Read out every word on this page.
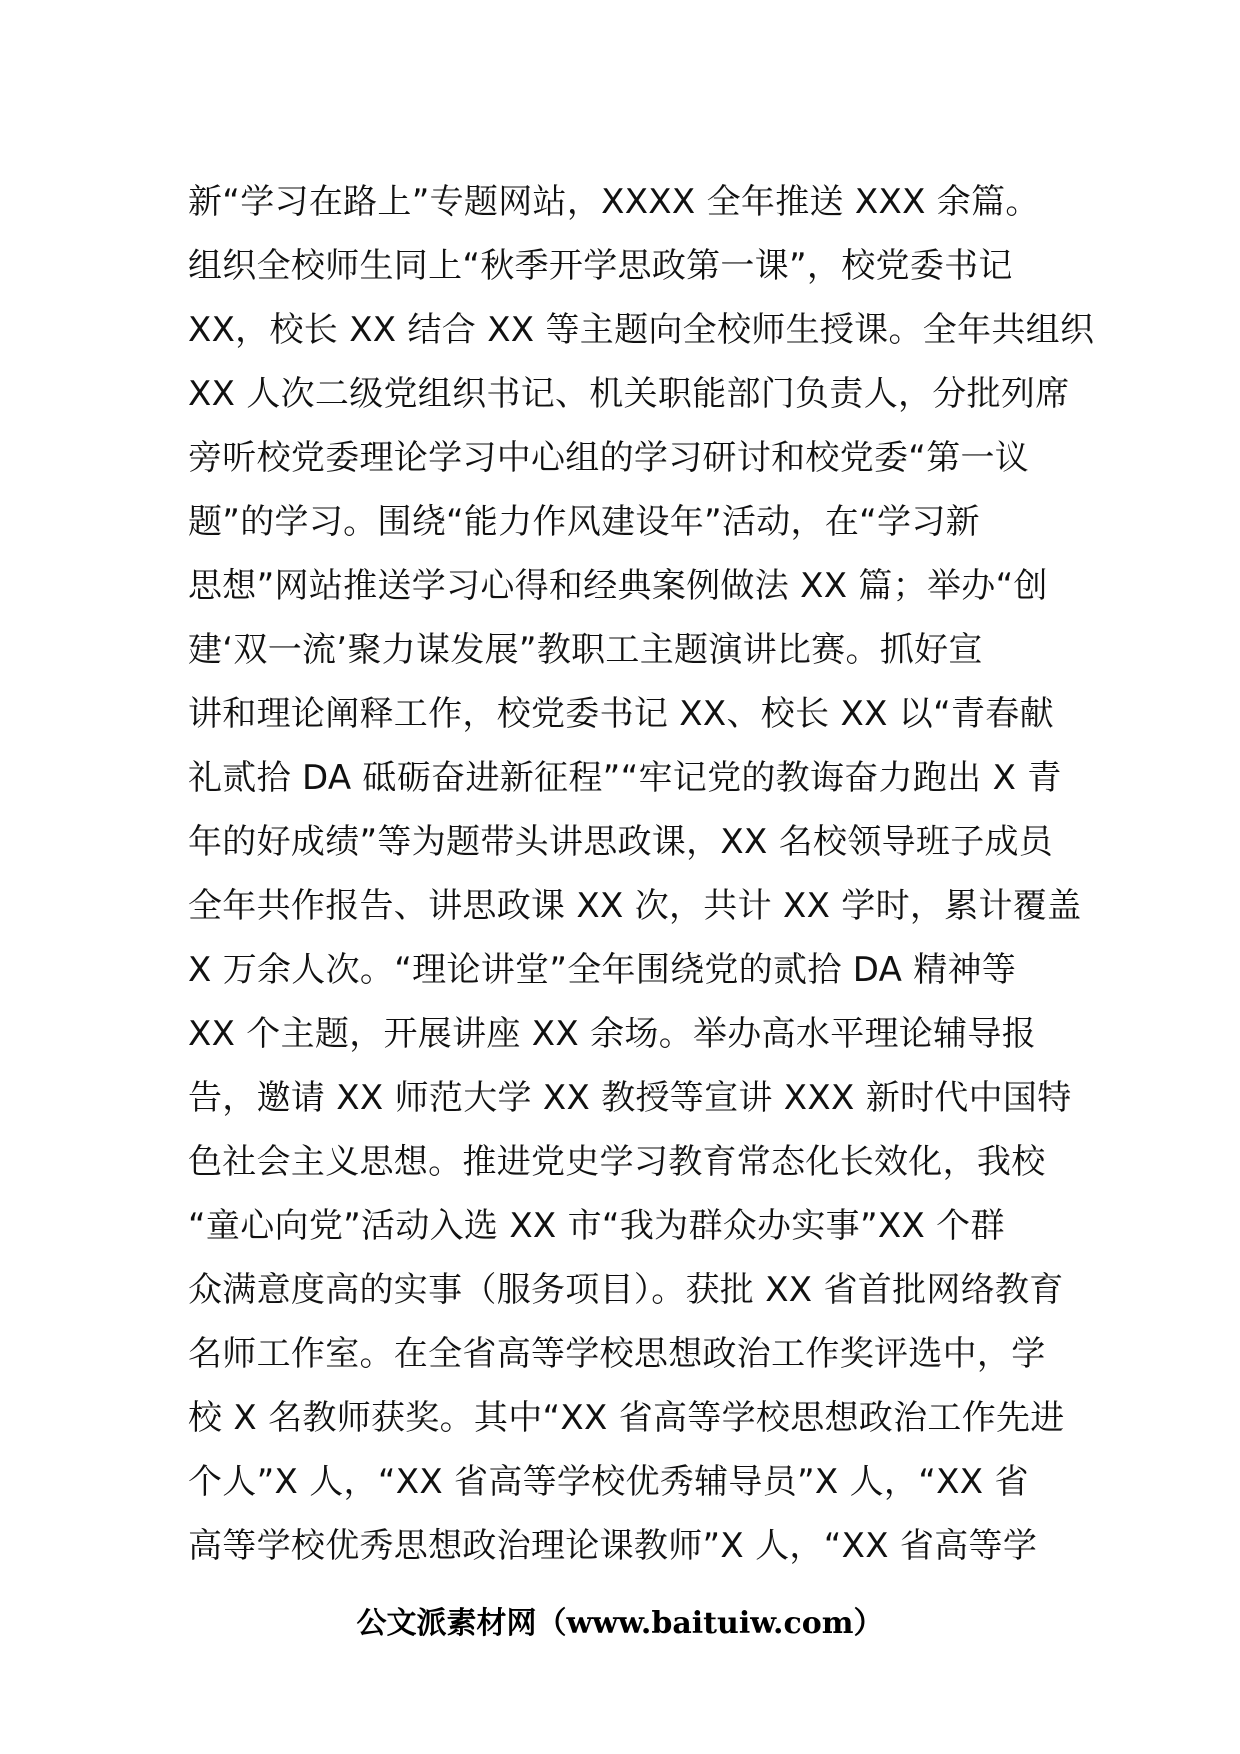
新“学习在路上”专题网站，XXXX 全年推送 XXX 余篇。
组织全校师生同上“秋季开学思政第一课”，校党委书记
XX，校长 XX 结合 XX 等主题向全校师生授课。全年共组织
XX 人次二级党组织书记、机关职能部门负责人，分批列席
旁听校党委理论学习中心组的学习研讨和校党委“第一议
题”的学习。围绕“能力作风建设年”活动，在“学习新
思想”网站推送学习心得和经典案例做法 XX 篇；举办“创
建‘双一流’聚力谋发展”教职工主题演讲比赛。抓好宣
讲和理论阐释工作，校党委书记 XX、校长 XX 以“青春献
礼贰拾 DA 砥砺奋进新征程”“牢记党的教诲奋力跑出 X 青
年的好成绩”等为题带头讲思政课，XX 名校领导班子成员
全年共作报告、讲思政课 XX 次，共计 XX 学时，累计覆盖
X 万余人次。“理论讲堂”全年围绕党的贰拾 DA 精神等
XX 个主题，开展讲座 XX 余场。举办高水平理论辅导报
告，邀请 XX 师范大学 XX 教授等宣讲 XXX 新时代中国特
色社会主义思想。推进党史学习教育常态化长效化，我校
“童心向党”活动入选 XX 市“我为群众办实事”XX 个群
众满意度高的实事（服务项目）。获批 XX 省首批网络教育
名师工作室。在全省高等学校思想政治工作奖评选中，学
校 X 名教师获奖。其中“XX 省高等学校思想政治工作先进
个人”X 人，“XX 省高等学校优秀辅导员”X 人，“XX 省
高等学校优秀思想政治理论课教师”X 人，“XX 省高等学
公文派素材网（www.baituiw.com）
